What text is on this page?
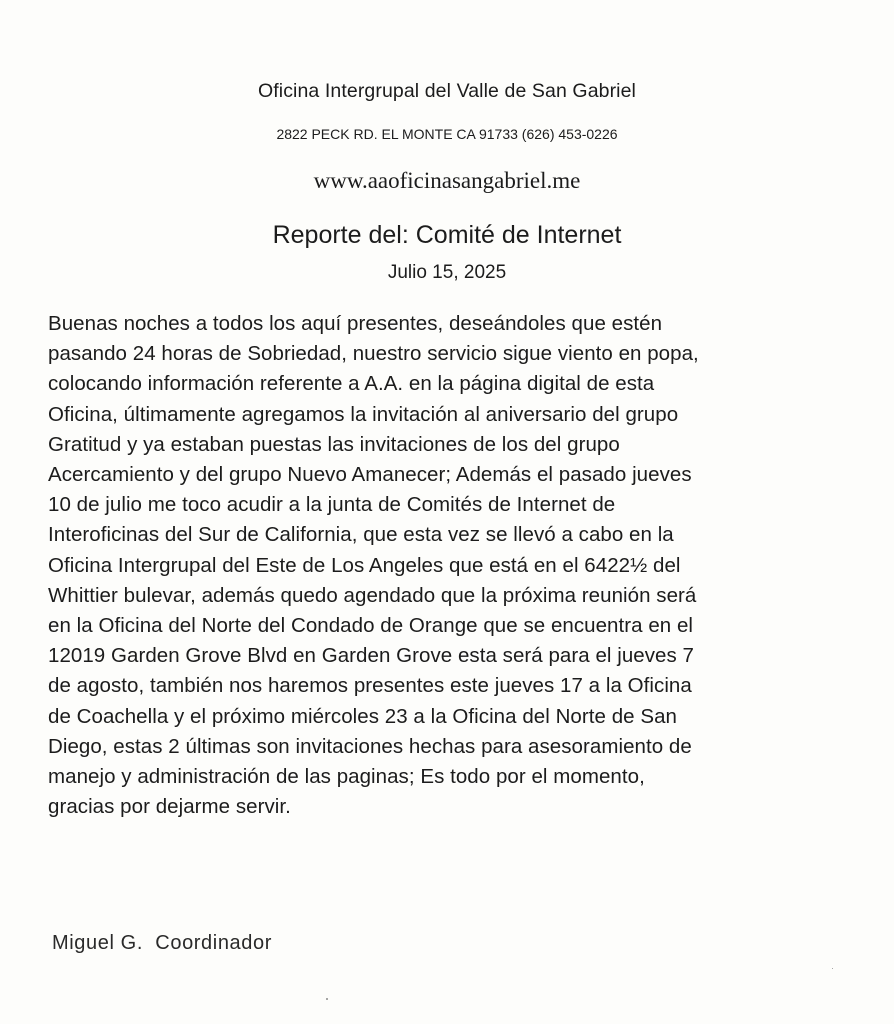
Oficina Intergrupal del Valle de San Gabriel
2822 PECK RD. EL MONTE CA 91733 (626) 453-0226
www.aaoficinasangabriel.me
Reporte del: Comité de Internet
Julio 15, 2025

Buenas noches a todos los aquí presentes, deseándoles que estén
pasando 24 horas de Sobriedad, nuestro servicio sigue viento en popa,
colocando información referente a A.A. en la página digital de esta
Oficina, últimamente agregamos la invitación al aniversario del grupo
Gratitud y ya estaban puestas las invitaciones de los del grupo
Acercamiento y del grupo Nuevo Amanecer; Además el pasado jueves
10 de julio me toco acudir a la junta de Comités de Internet de
Interoficinas del Sur de California, que esta vez se llevó a cabo en la
Oficina Intergrupal del Este de Los Angeles que está en el 6422½ del
Whittier bulevar, además quedo agendado que la próxima reunión será
en la Oficina del Norte del Condado de Orange que se encuentra en el
12019 Garden Grove Blvd en Garden Grove esta será para el jueves 7
de agosto, también nos haremos presentes este jueves 17 a la Oficina
de Coachella y el próximo miércoles 23 a la Oficina del Norte de San
Diego, estas 2 últimas son invitaciones hechas para asesoramiento de
manejo y administración de las paginas; Es todo por el momento,
gracias por dejarme servir.

Miguel G.  Coordinador
